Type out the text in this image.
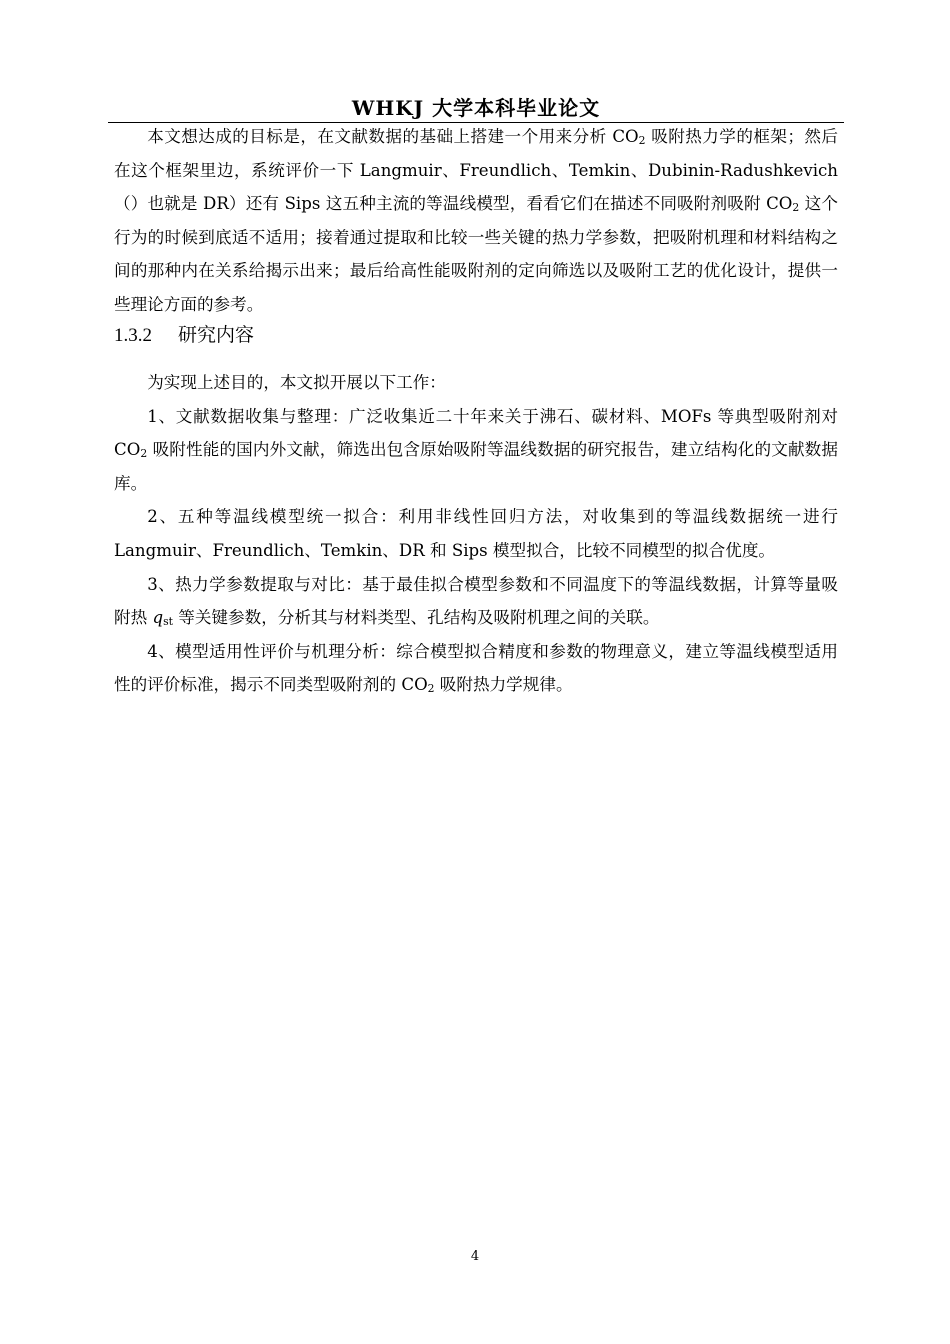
WHKJ 大学本科毕业论文

本文想达成的目标是，在文献数据的基础上搭建一个用来分析 $CO_2$ 吸附热力学的框架；然后在这个框架里边，系统评价一下 Langmuir、Freundlich、Temkin、Dubinin-Radushkevich（）也就是 DR）还有 Sips 这五种主流的等温线模型，看看它们在描述不同吸附剂吸附 $CO_2$ 这个行为的时候到底适不适用；接着通过提取和比较一些关键的热力学参数，把吸附机理和材料结构之间的那种内在关系给揭示出来；最后给高性能吸附剂的定向筛选以及吸附工艺的优化设计，提供一些理论方面的参考。

1.3.2 研究内容

为实现上述目的，本文拟开展以下工作：

1、文献数据收集与整理：广泛收集近二十年来关于沸石、碳材料、MOFs 等典型吸附剂对 $CO_2$ 吸附性能的国内外文献，筛选出包含原始吸附等温线数据的研究报告，建立结构化的文献数据库。

2、五种等温线模型统一拟合：利用非线性回归方法，对收集到的等温线数据统一进行 Langmuir、Freundlich、Temkin、DR 和 Sips 模型拟合，比较不同模型的拟合优度。

3、热力学参数提取与对比：基于最佳拟合模型参数和不同温度下的等温线数据，计算等量吸附热 $q_{st}$ 等关键参数，分析其与材料类型、孔结构及吸附机理之间的关联。

4、模型适用性评价与机理分析：综合模型拟合精度和参数的物理意义，建立等温线模型适用性的评价标准，揭示不同类型吸附剂的 $CO_2$ 吸附热力学规律。

4
